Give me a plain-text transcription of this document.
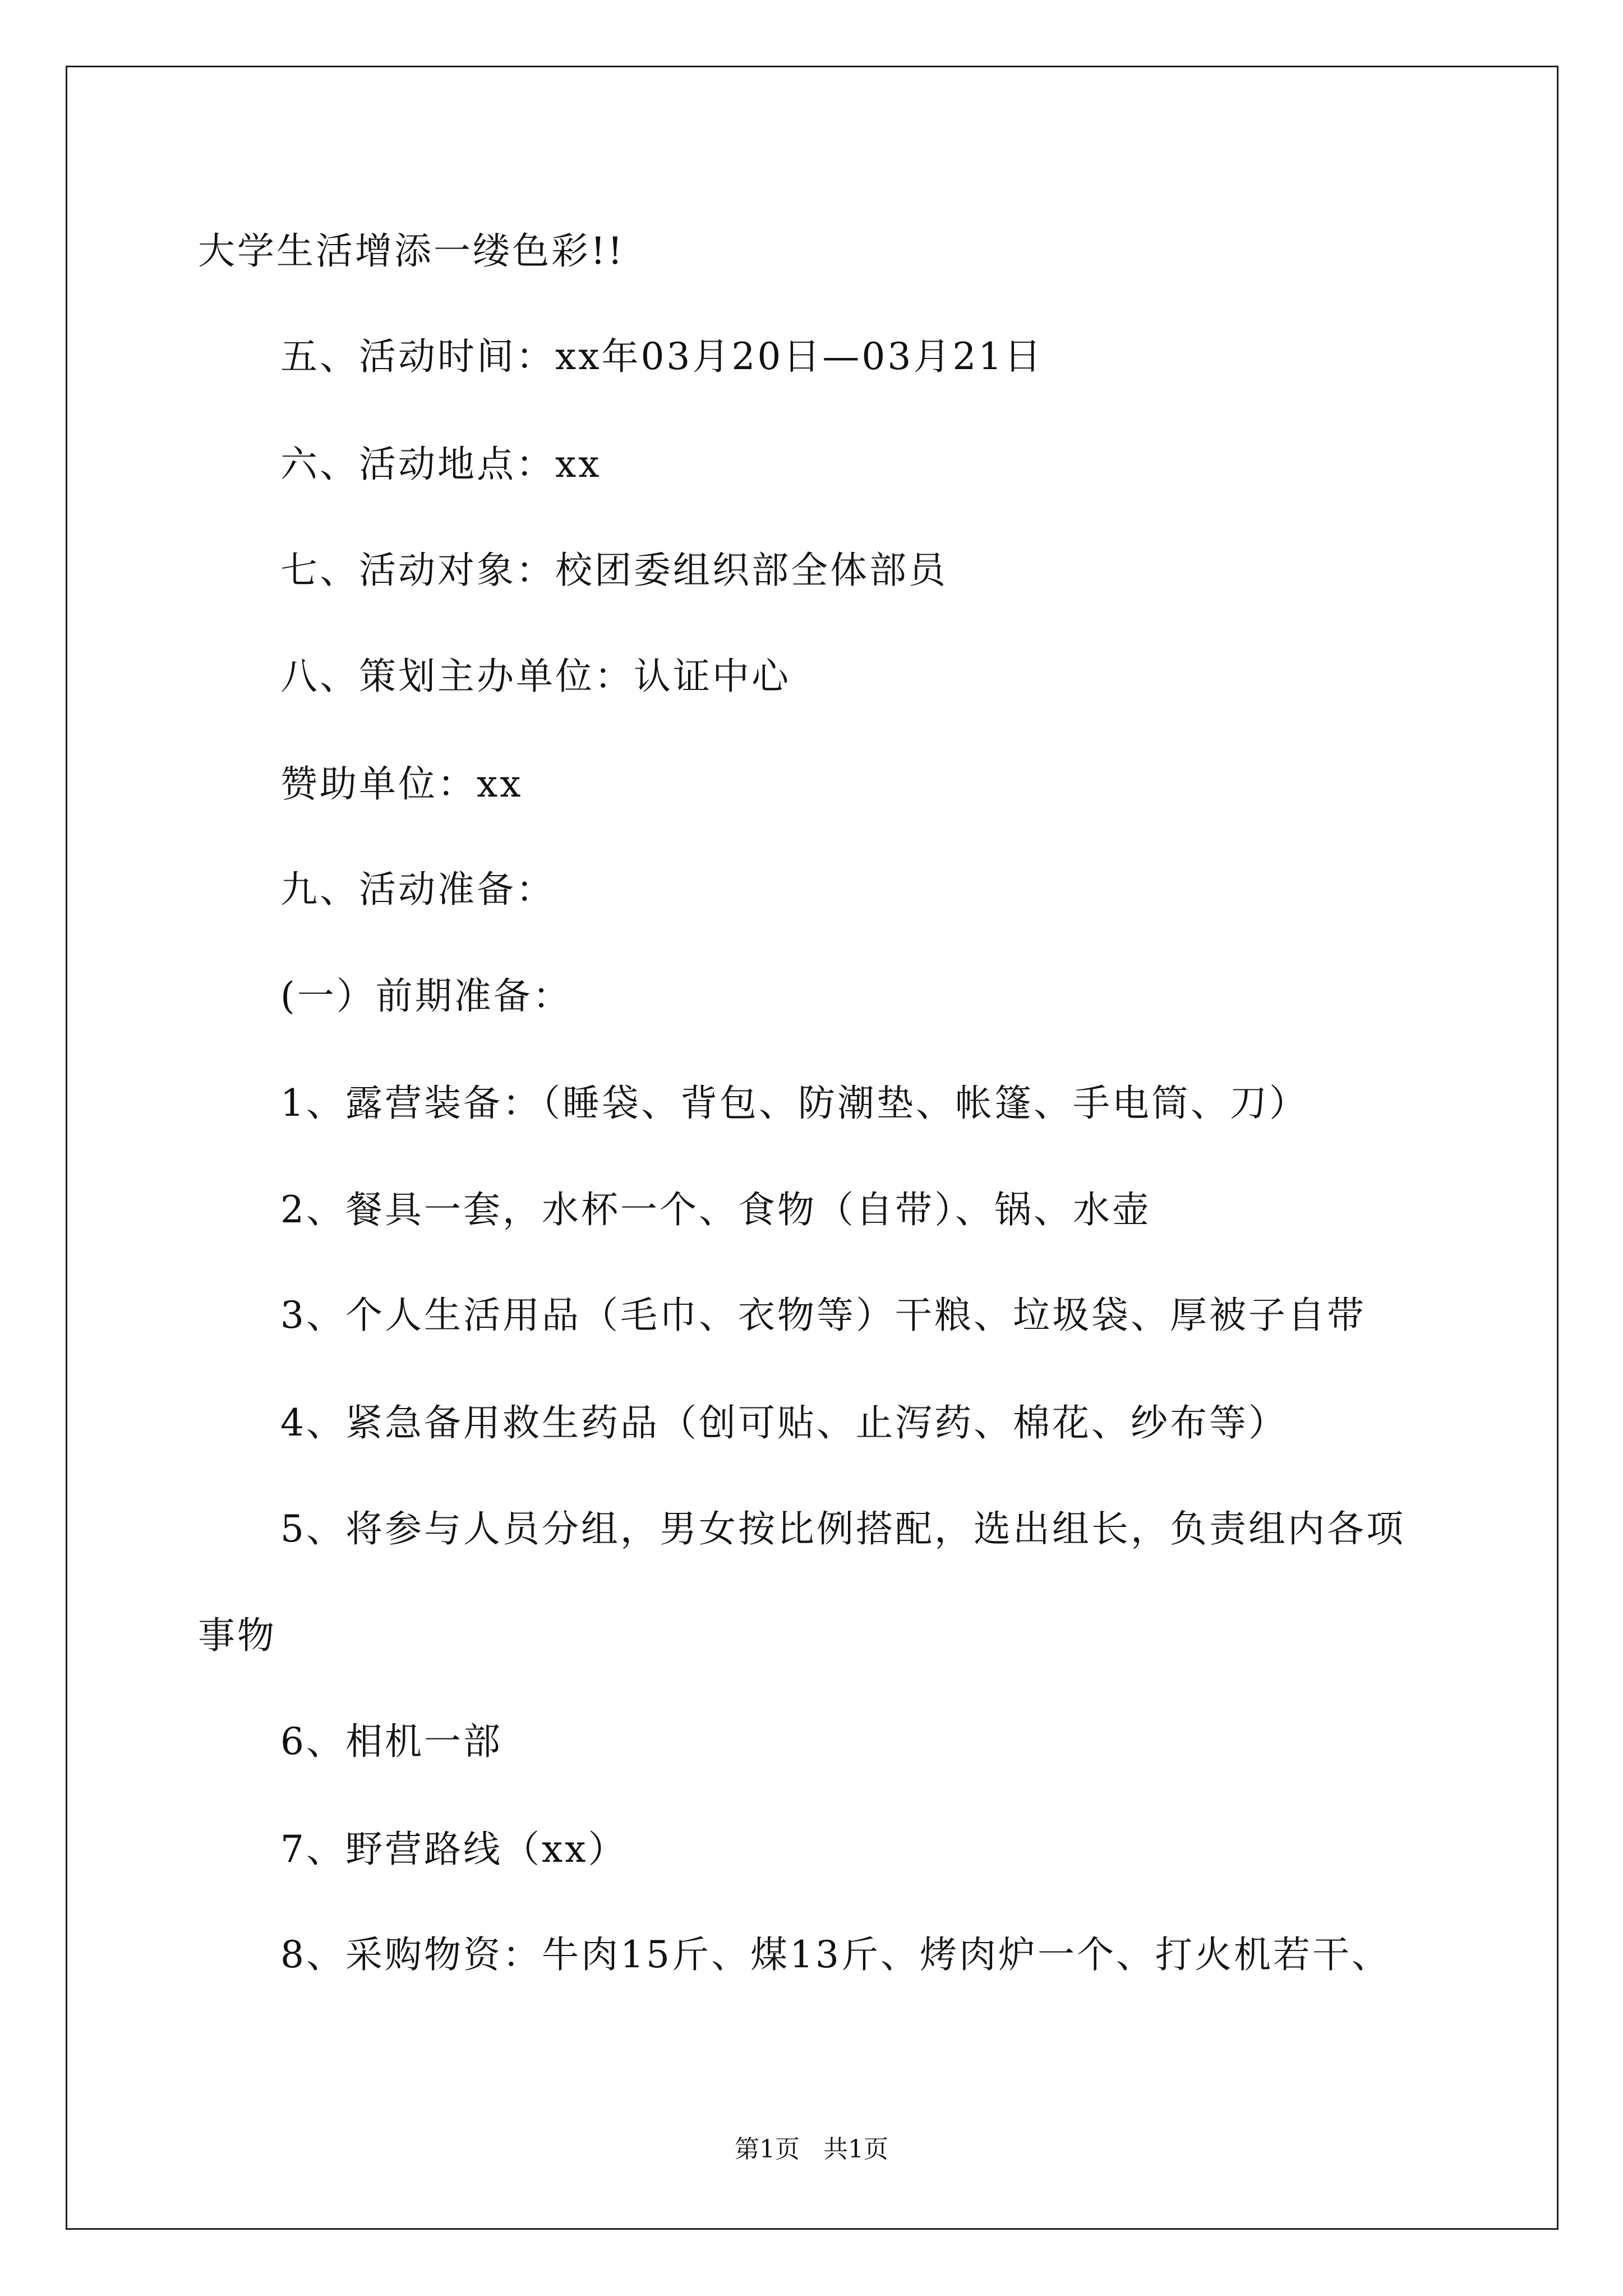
大学生活增添一缕色彩!!
五、活动时间：xx年03月20日—03月21日
六、活动地点：xx
七、活动对象：校团委组织部全体部员
八、策划主办单位：认证中心
赞助单位：xx
九、活动准备：
(一）前期准备：
1、露营装备：（睡袋、背包、防潮垫、帐篷、手电筒、刀）
2、餐具一套，水杯一个、食物（自带）、锅、水壶
3、个人生活用品（毛巾、衣物等）干粮、垃圾袋、厚被子自带
4、紧急备用救生药品（创可贴、止泻药、棉花、纱布等）
5、将参与人员分组，男女按比例搭配，选出组长，负责组内各项
事物
6、相机一部
7、野营路线（xx）
8、采购物资：牛肉15斤、煤13斤、烤肉炉一个、打火机若干、
第1页   共1页
